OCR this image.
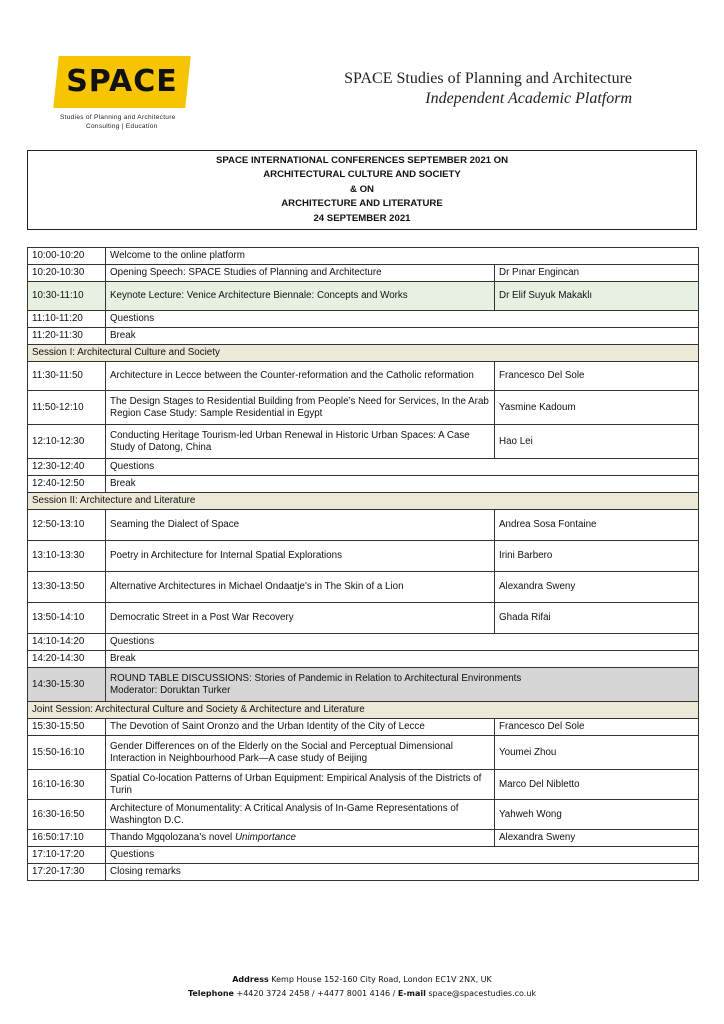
SPACE
Studies of Planning and Architecture
Consulting | Education
SPACE Studies of Planning and Architecture
Independent Academic Platform
SPACE INTERNATIONAL CONFERENCES SEPTEMBER 2021 ON
ARCHITECTURAL CULTURE AND SOCIETY
& ON
ARCHITECTURE AND LITERATURE
24 SEPTEMBER 2021
10:00-10:20	Welcome to the online platform	
10:20-10:30	Opening Speech: SPACE Studies of Planning and Architecture	Dr Pınar Engincan
10:30-11:10	Keynote Lecture: Venice Architecture Biennale: Concepts and Works	Dr Elif Suyuk Makaklı
11:10-11:20	Questions	
11:20-11:30	Break	
Session I: Architectural Culture and Society		
11:30-11:50	Architecture in Lecce between the Counter-reformation and the Catholic reformation	Francesco Del Sole
11:50-12:10	The Design Stages to Residential Building from People’s Need for Services, In the Arab Region Case Study: Sample Residential in Egypt	Yasmine Kadoum
12:10-12:30	Conducting Heritage Tourism-led Urban Renewal in Historic Urban Spaces: A Case Study of Datong, China	Hao Lei
12:30-12:40	Questions	
12:40-12:50	Break	
Session II: Architecture and Literature		
12:50-13:10	Seaming the Dialect of Space	Andrea Sosa Fontaine
13:10-13:30	Poetry in Architecture for Internal Spatial Explorations	Irini Barbero
13:30-13:50	Alternative Architectures in Michael Ondaatje's in The Skin of a Lion	Alexandra Sweny
13:50-14:10	Democratic Street in a Post War Recovery	Ghada Rifai
14:10-14:20	Questions	
14:20-14:30	Break	
14:30-15:30	ROUND TABLE DISCUSSIONS: Stories of Pandemic in Relation to Architectural Environments
Moderator: Doruktan Turker	
Joint Session: Architectural Culture and Society & Architecture and Literature		
15:30-15:50	The Devotion of Saint Oronzo and the Urban Identity of the City of Lecce	Francesco Del Sole
15:50-16:10	Gender Differences on of the Elderly on the Social and Perceptual Dimensional Interaction in Neighbourhood Park—A case study of Beijing	Youmei Zhou
16:10-16:30	Spatial Co-location Patterns of Urban Equipment: Empirical Analysis of the Districts of Turin	Marco Del Nibletto
16:30-16:50	Architecture of Monumentality: A Critical Analysis of In-Game Representations of Washington D.C.	Yahweh Wong
16:50:17:10	Thando Mgqolozana's novel Unimportance	Alexandra Sweny
17:10-17:20	Questions	
17:20-17:30	Closing remarks	
Address Kemp House 152-160 City Road, London EC1V 2NX, UK
Telephone +4420 3724 2458 / +4477 8001 4146 / E-mail space@spacestudies.co.uk
